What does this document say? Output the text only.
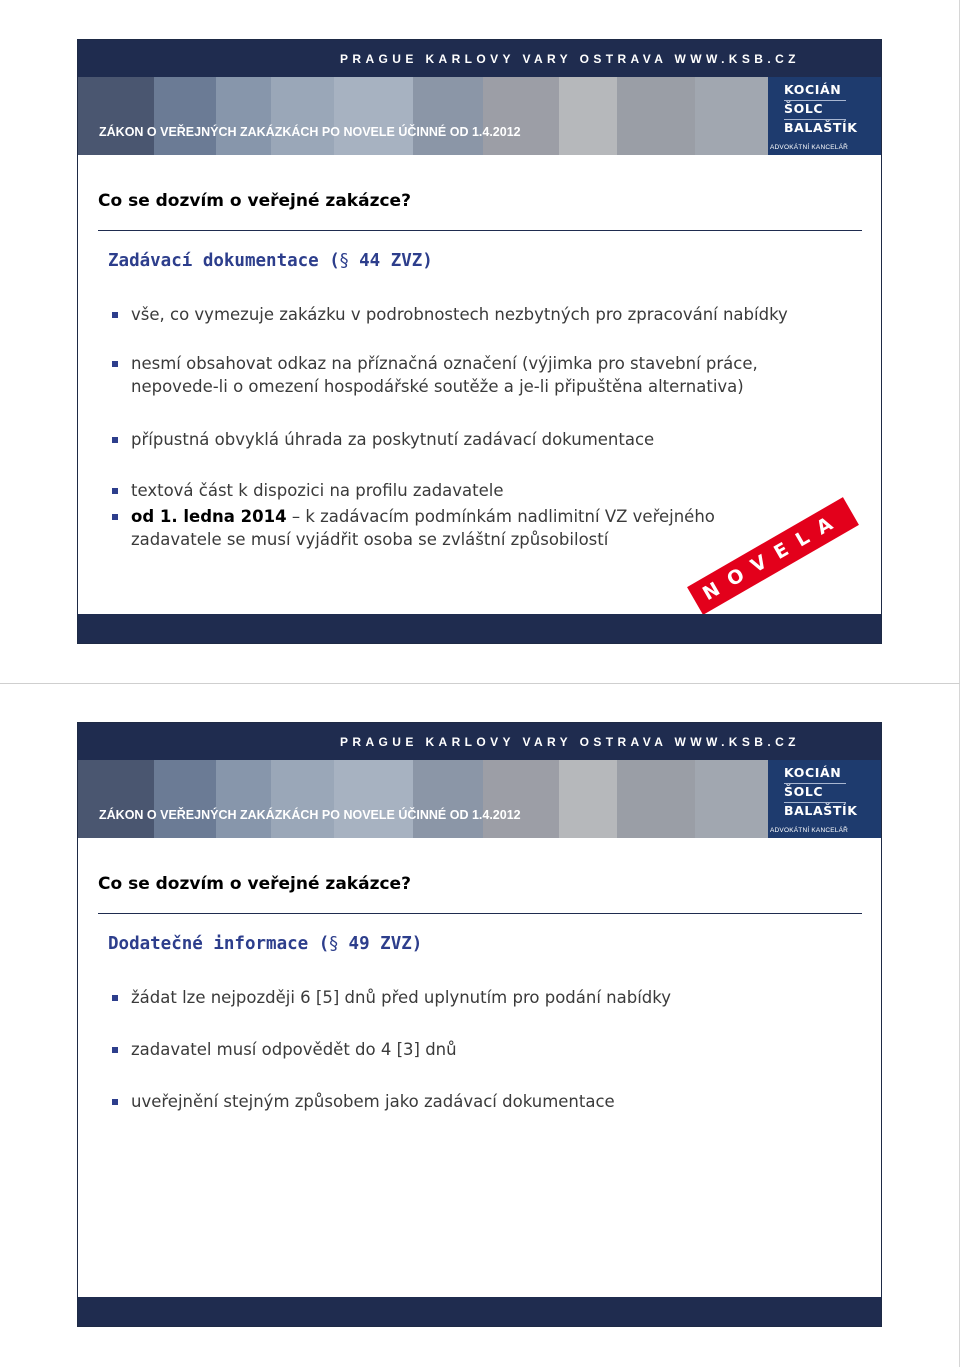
PRAGUE KARLOVY VARY OSTRAVA WWW.KSB.CZ
ZÁKON O VEŘEJNÝCH ZAKÁZKÁCH PO NOVELE ÚČINNÉ OD 1.4.2012
KOCIÁN
ŠOLC
BALAŠTÍK
ADVOKÁTNÍ KANCELÁŘ
Co se dozvím o veřejné zakázce?
Zadávací dokumentace (§ 44 ZVZ)
vše, co vymezuje zakázku v podrobnostech nezbytných pro zpracování nabídky
nesmí obsahovat odkaz na příznačná označení (výjimka pro stavební práce,
nepovede-li o omezení hospodářské soutěže a je-li připuštěna alternativa)
přípustná obvyklá úhrada za poskytnutí zadávací dokumentace
textová část k dispozici na profilu zadavatele
od 1. ledna 2014 – k zadávacím podmínkám nadlimitní VZ veřejného
zadavatele se musí vyjádřit osoba se zvláštní způsobilostí	NOVELA
PRAGUE KARLOVY VARY OSTRAVA WWW.KSB.CZ
ZÁKON O VEŘEJNÝCH ZAKÁZKÁCH PO NOVELE ÚČINNÉ OD 1.4.2012
KOCIÁN
ŠOLC
BALAŠTÍK
ADVOKÁTNÍ KANCELÁŘ
Co se dozvím o veřejné zakázce?
Dodatečné informace (§ 49 ZVZ)
žádat lze nejpozději 6 [5] dnů před uplynutím pro podání nabídky
zadavatel musí odpovědět do 4 [3] dnů
uveřejnění stejným způsobem jako zadávací dokumentace
